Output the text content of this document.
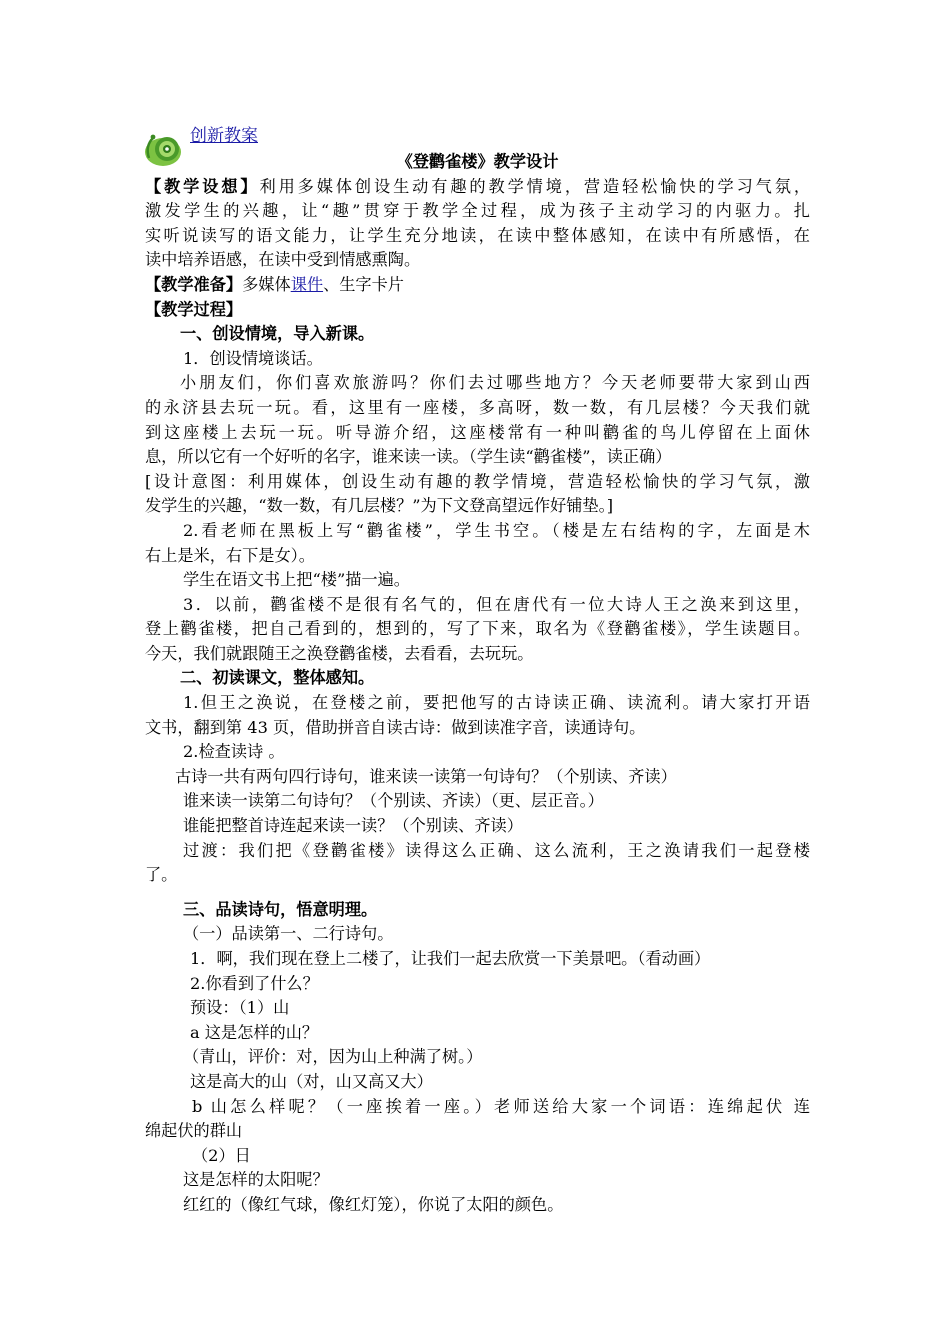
创新教案
《登鹳雀楼》教学设计
【教学设想】利用多媒体创设生动有趣的教学情境，营造轻松愉快的学习气氛，
激发学生的兴趣，让“趣”贯穿于教学全过程，成为孩子主动学习的内驱力。扎
实听说读写的语文能力，让学生充分地读，在读中整体感知，在读中有所感悟，在
读中培养语感，在读中受到情感熏陶。
【教学准备】多媒体课件、生字卡片
【教学过程】
一、创设情境，导入新课。
1．创设情境谈话。
小朋友们，你们喜欢旅游吗？你们去过哪些地方？今天老师要带大家到山西
的永济县去玩一玩。看，这里有一座楼，多高呀，数一数，有几层楼？今天我们就
到这座楼上去玩一玩。听导游介绍，这座楼常有一种叫鹳雀的鸟儿停留在上面休
息，所以它有一个好听的名字，谁来读一读。（学生读“鹳雀楼”，读正确）
[设计意图：利用媒体，创设生动有趣的教学情境，营造轻松愉快的学习气氛，激
发学生的兴趣，“数一数，有几层楼？”为下文登高望远作好铺垫。]
2.看老师在黑板上写“鹳雀楼”，学生书空。（楼是左右结构的字，左面是木
右上是米，右下是女）。
学生在语文书上把“楼”描一遍。
3．以前，鹳雀楼不是很有名气的，但在唐代有一位大诗人王之涣来到这里，
登上鹳雀楼，把自己看到的，想到的，写了下来，取名为《登鹳雀楼》，学生读题目。
今天，我们就跟随王之涣登鹳雀楼，去看看，去玩玩。
二、初读课文，整体感知。
1.但王之涣说，在登楼之前，要把他写的古诗读正确、读流利。请大家打开语
文书，翻到第 43 页，借助拼音自读古诗：做到读准字音，读通诗句。
2.检查读诗 。
古诗一共有两句四行诗句，谁来读一读第一句诗句？（个别读、齐读）
谁来读一读第二句诗句？（个别读、齐读）（更、层正音。）
谁能把整首诗连起来读一读？（个别读、齐读）
过渡：我们把《登鹳雀楼》读得这么正确、这么流利，王之涣请我们一起登楼
了。
三、品读诗句，悟意明理。
（一）品读第一、二行诗句。
1．啊，我们现在登上二楼了，让我们一起去欣赏一下美景吧。（看动画）
2.你看到了什么？
预设：（1）山
a 这是怎样的山？
（青山，评价：对，因为山上种满了树。）
这是高大的山（对，山又高又大）
b 山怎么样呢？（一座挨着一座。）老师送给大家一个词语：连绵起伏 连
绵起伏的群山
（2）日
这是怎样的太阳呢？
红红的（像红气球，像红灯笼），你说了太阳的颜色。
